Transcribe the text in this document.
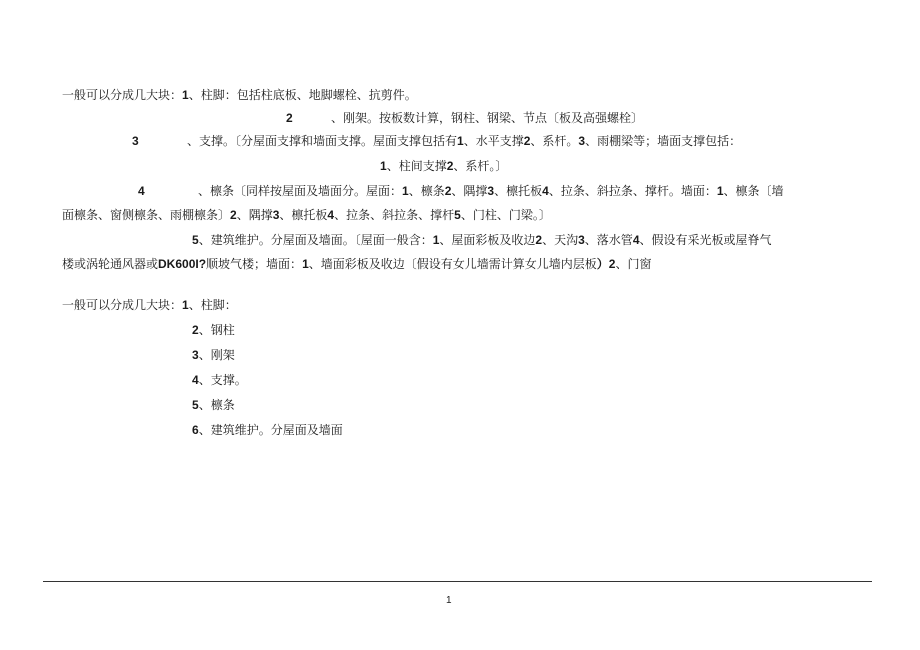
一般可以分成几大块：1、柱脚：包括柱底板、地脚螺栓、抗剪件。
2	、刚架。按板数计算，钢柱、钢梁、节点〔板及高强螺栓〕
3	、支撑。〔分屋面支撑和墙面支撑。屋面支撑包括有1、水平支撑2、系杆。3、雨棚梁等；墙面支撑包括：
1、柱间支撑2、系杆。〕
4	、檩条〔同样按屋面及墙面分。屋面：1、檩条2、隅撑3、檩托板4、拉条、斜拉条、撑杆。墙面：1、檩条〔墙
面檩条、窗侧檩条、雨棚檩条〕2、隅撑3、檩托板4、拉条、斜拉条、撑杆5、门柱、门梁。〕
5、建筑维护。分屋面及墙面。〔屋面一般含：1、屋面彩板及收边2、天沟3、落水管4、假设有采光板或屋脊气
楼或涡轮通风器或DK600I?顺坡气楼；墙面：1、墙面彩板及收边〔假设有女儿墙需计算女儿墙内层板）2、门窗
一般可以分成几大块：1、柱脚：
2、钢柱
3、刚架
4、支撑。
5、檩条
6、建筑维护。分屋面及墙面
1
